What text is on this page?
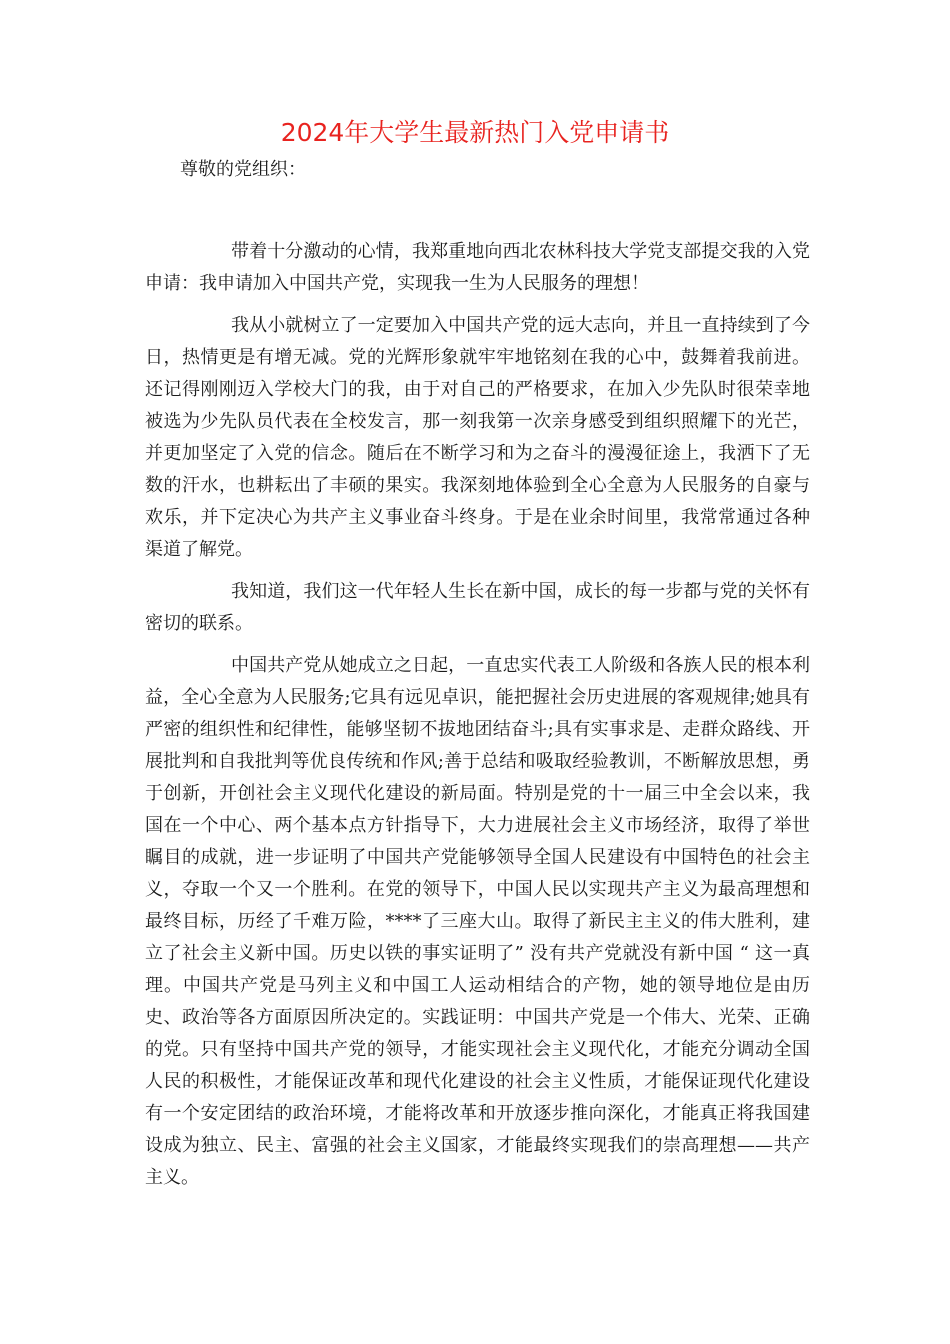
2024年大学生最新热门入党申请书
尊敬的党组织：

带着十分激动的心情，我郑重地向西北农林科技大学党支部提交我的入党申请：我申请加入中国共产党，实现我一生为人民服务的理想！

我从小就树立了一定要加入中国共产党的远大志向，并且一直持续到了今日，热情更是有增无减。党的光辉形象就牢牢地铭刻在我的心中，鼓舞着我前进。还记得刚刚迈入学校大门的我，由于对自己的严格要求，在加入少先队时很荣幸地被选为少先队员代表在全校发言，那一刻我第一次亲身感受到组织照耀下的光芒，并更加坚定了入党的信念。随后在不断学习和为之奋斗的漫漫征途上，我洒下了无数的汗水，也耕耘出了丰硕的果实。我深刻地体验到全心全意为人民服务的自豪与欢乐，并下定决心为共产主义事业奋斗终身。于是在业余时间里，我常常通过各种渠道了解党。

我知道，我们这一代年轻人生长在新中国，成长的每一步都与党的关怀有密切的联系。

中国共产党从她成立之日起，一直忠实代表工人阶级和各族人民的根本利益，全心全意为人民服务;它具有远见卓识，能把握社会历史进展的客观规律;她具有严密的组织性和纪律性，能够坚韧不拔地团结奋斗;具有实事求是、走群众路线、开展批判和自我批判等优良传统和作风;善于总结和吸取经验教训，不断解放思想，勇于创新，开创社会主义现代化建设的新局面。特别是党的十一届三中全会以来，我国在一个中心、两个基本点方针指导下，大力进展社会主义市场经济，取得了举世瞩目的成就，进一步证明了中国共产党能够领导全国人民建设有中国特色的社会主义，夺取一个又一个胜利。在党的领导下，中国人民以实现共产主义为最高理想和最终目标，历经了千难万险，****了三座大山。取得了新民主主义的伟大胜利，建立了社会主义新中国。历史以铁的事实证明了” 没有共产党就没有新中国 “ 这一真理。中国共产党是马列主义和中国工人运动相结合的产物，她的领导地位是由历史、政治等各方面原因所决定的。实践证明：中国共产党是一个伟大、光荣、正确的党。只有坚持中国共产党的领导，才能实现社会主义现代化，才能充分调动全国人民的积极性，才能保证改革和现代化建设的社会主义性质，才能保证现代化建设有一个安定团结的政治环境，才能将改革和开放逐步推向深化，才能真正将我国建设成为独立、民主、富强的社会主义国家，才能最终实现我们的崇高理想——共产主义。
